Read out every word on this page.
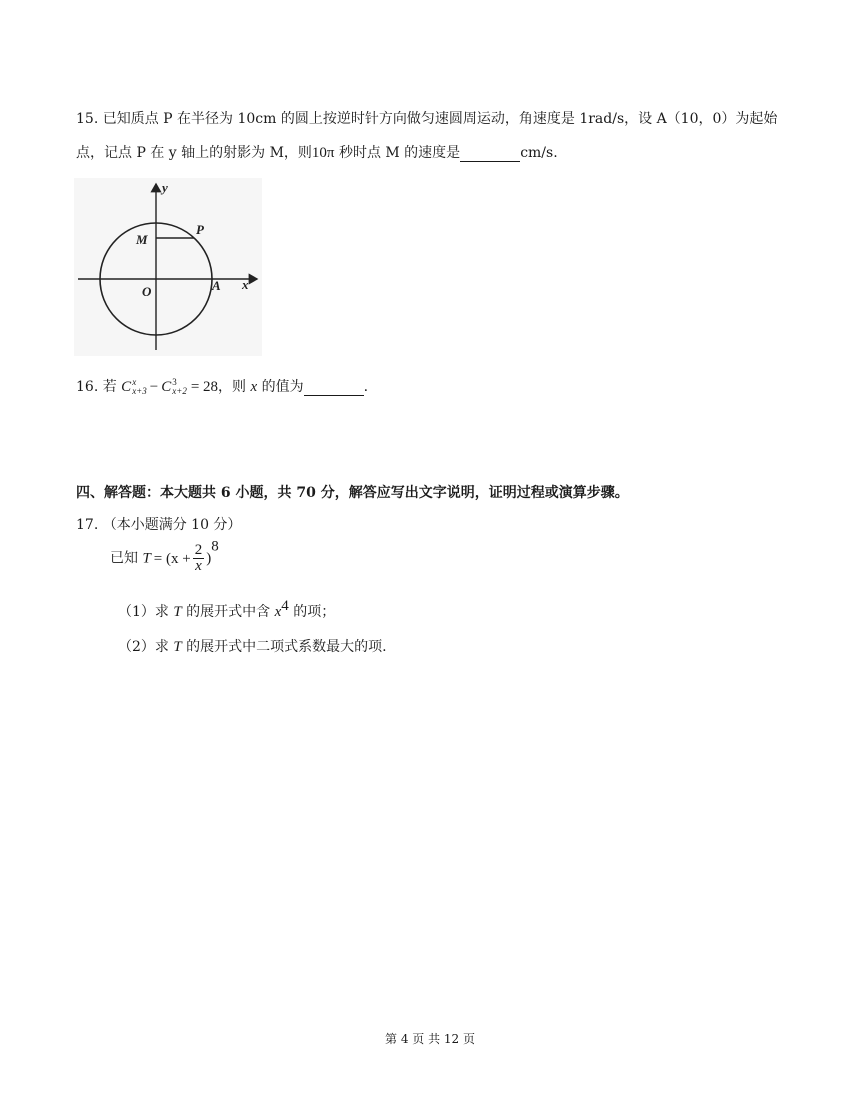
15. 已知质点 P 在半径为 10cm 的圆上按逆时针方向做匀速圆周运动，角速度是 1rad/s，设 A（10，0）为起始
点，记点 P 在 y 轴上的射影为 M，则10π 秒时点 M 的速度是	cm/s.
y
x
M
P
O	A
16. 若 C x
x+3 − C 3
x+2 = 28，则 x 的值为	.
四、解答题：本大题共 6 小题，共 70 分，解答应写出文字说明，证明过程或演算步骤。
17. （本小题满分 10 分）
已知 $T = (x + \frac{2}{x} )^8$
（1）求 T 的展开式中含 $x^4$ 的项；
（2）求 T 的展开式中二项式系数最大的项.
第 4 页 共 12 页
